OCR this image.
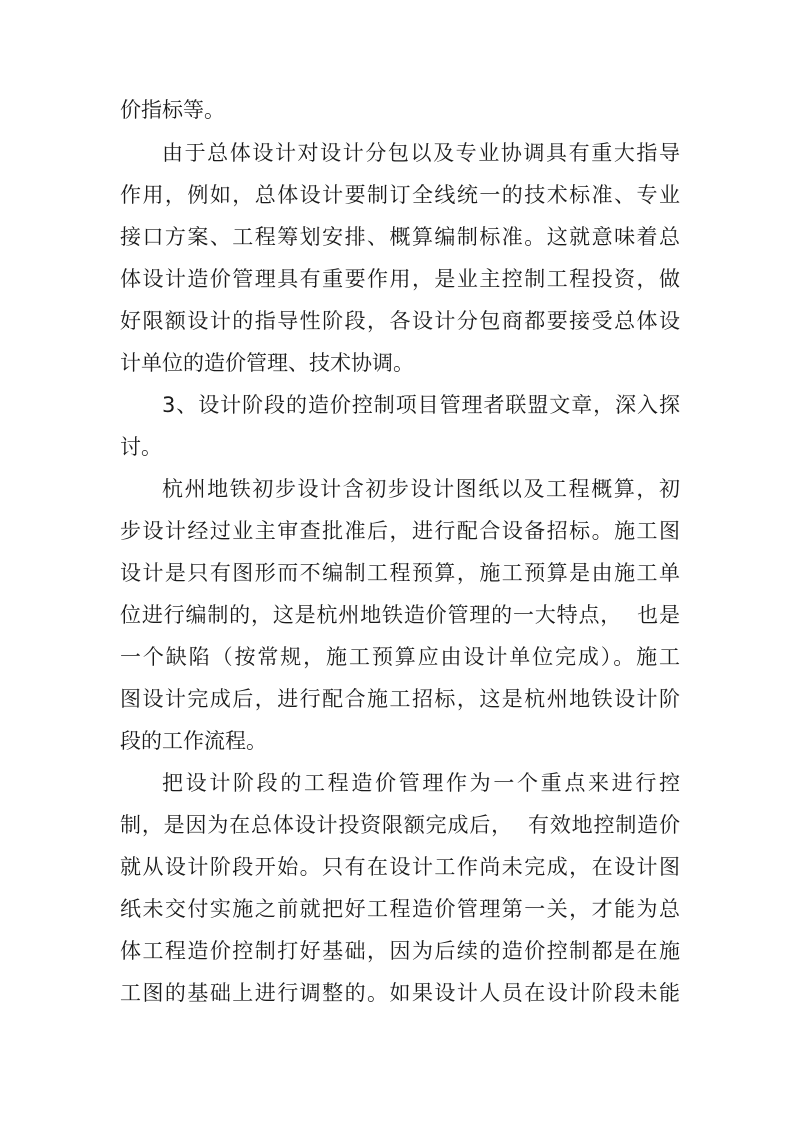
价指标等。
由于总体设计对设计分包以及专业协调具有重大指导
作用，例如，总体设计要制订全线统一的技术标准、专业
接口方案、工程筹划安排、概算编制标准。这就意味着总
体设计造价管理具有重要作用，是业主控制工程投资，做
好限额设计的指导性阶段，各设计分包商都要接受总体设
计单位的造价管理、技术协调。
3、设计阶段的造价控制项目管理者联盟文章，深入探
讨。
杭州地铁初步设计含初步设计图纸以及工程概算，初
步设计经过业主审查批准后，进行配合设备招标。施工图
设计是只有图形而不编制工程预算，施工预算是由施工单
位进行编制的，这是杭州地铁造价管理的一大特点，  也是
一个缺陷（按常规，施工预算应由设计单位完成）。施工
图设计完成后，进行配合施工招标，这是杭州地铁设计阶
段的工作流程。
把设计阶段的工程造价管理作为一个重点来进行控
制，是因为在总体设计投资限额完成后，  有效地控制造价
就从设计阶段开始。只有在设计工作尚未完成，在设计图
纸未交付实施之前就把好工程造价管理第一关，才能为总
体工程造价控制打好基础，因为后续的造价控制都是在施
工图的基础上进行调整的。如果设计人员在设计阶段未能
